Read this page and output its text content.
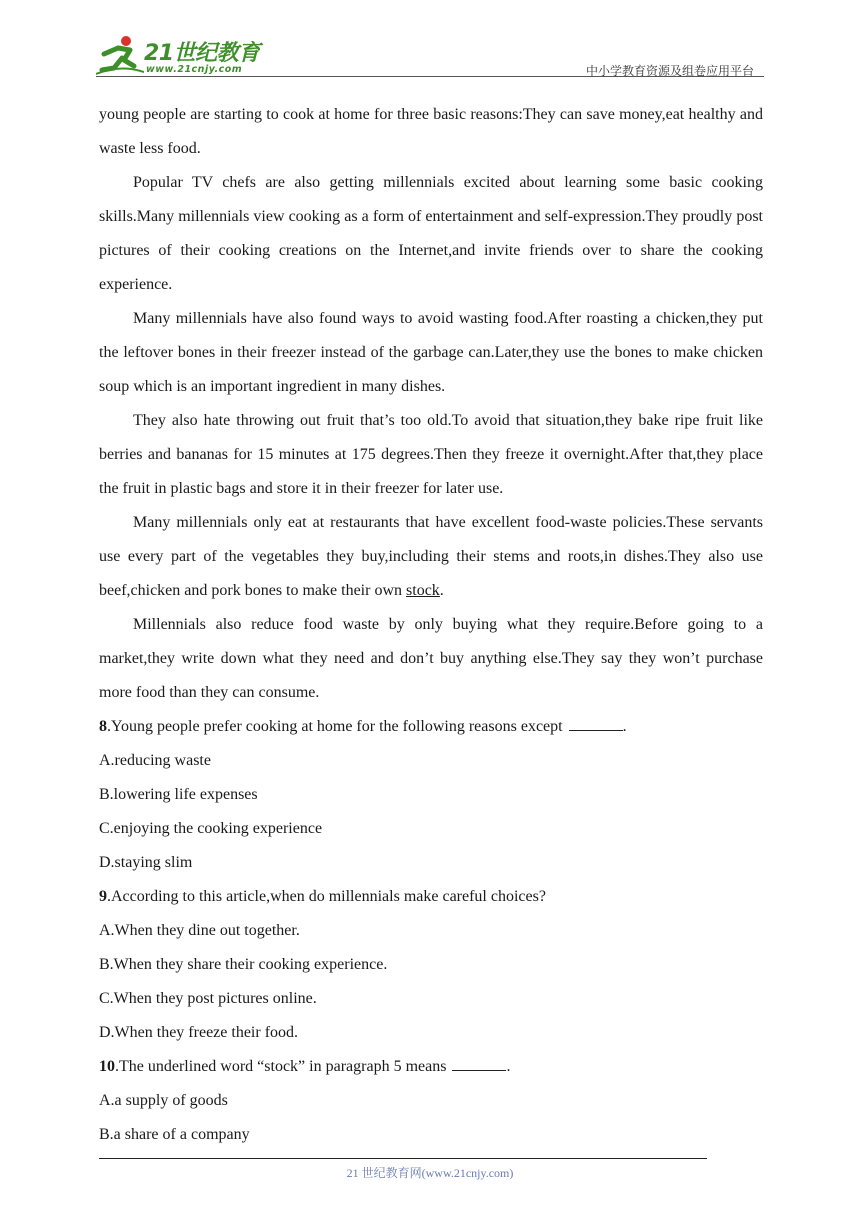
21世纪教育
www.21cnjy.com	中小学教育资源及组卷应用平台

young people are starting to cook at home for three basic reasons:They can save money,eat healthy and waste less food.

Popular TV chefs are also getting millennials excited about learning some basic cooking skills.Many millennials view cooking as a form of entertainment and self-expression.They proudly post pictures of their cooking creations on the Internet,and invite friends over to share the cooking experience.

Many millennials have also found ways to avoid wasting food.After roasting a chicken,they put the leftover bones in their freezer instead of the garbage can.Later,they use the bones to make chicken soup which is an important ingredient in many dishes.

They also hate throwing out fruit that’s too old.To avoid that situation,they bake ripe fruit like berries and bananas for 15 minutes at 175 degrees.Then they freeze it overnight.After that,they place the fruit in plastic bags and store it in their freezer for later use.

Many millennials only eat at restaurants that have excellent food-waste policies.These servants use every part of the vegetables they buy,including their stems and roots,in dishes.They also use beef,chicken and pork bones to make their own stock.

Millennials also reduce food waste by only buying what they require.Before going to a market,they write down what they need and don’t buy anything else.They say they won’t purchase more food than they can consume.

8.Young people prefer cooking at home for the following reasons except	.

A.reducing waste

B.lowering life expenses

C.enjoying the cooking experience

D.staying slim

9.According to this article,when do millennials make careful choices?

A.When they dine out together.

B.When they share their cooking experience.

C.When they post pictures online.

D.When they freeze their food.

10.The underlined word “stock” in paragraph 5 means	.

A.a supply of goods

B.a share of a company

21 世纪教育网(www.21cnjy.com)
